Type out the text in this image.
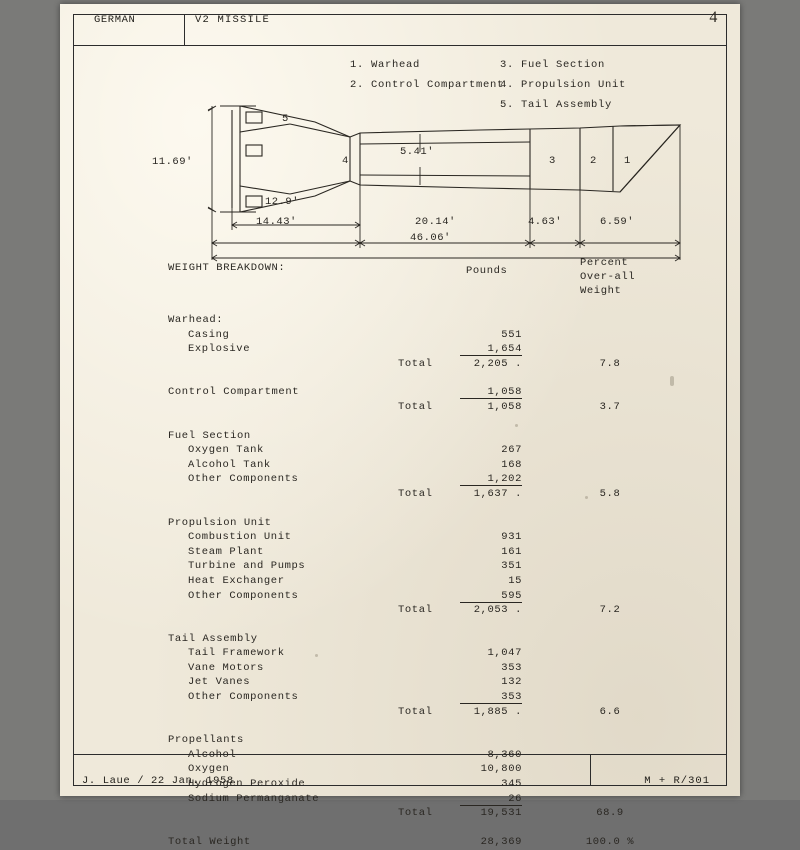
GERMAN	V2 MISSILE	4
J. Laue / 22 Jan. 1958	M + R/301
1. Warhead
2. Control Compartment
3. Fuel Section
4. Propulsion Unit
5. Tail Assembly
5
4	3	2	1
11.69'
5.41'
12.9'
14.43'	20.14'	4.63'	6.59'
46.06'
WEIGHT BREAKDOWN:	Pounds
Percent
Over-all
Weight
Warhead:
Casing	551
Explosive	1,654
Total	2,205 .	7.8
Control Compartment	1,058
Total	1,058	3.7
Fuel Section
Oxygen Tank	267
Alcohol Tank	168
Other Components	1,202
Total	1,637 .	5.8
Propulsion Unit
Combustion Unit	931
Steam Plant	161
Turbine and Pumps	351
Heat Exchanger	15
Other Components	595
Total	2,053 .	7.2
Tail Assembly
Tail Framework	1,047
Vane Motors	353
Jet Vanes	132
Other Components	353
Total	1,885 .	6.6
Propellants
Alcohol	8,360
Oxygen	10,800
Hydrogen Peroxide	345
Sodium Permanganate	26
Total	19,531	68.9
Total Weight	28,369	100.0 %
